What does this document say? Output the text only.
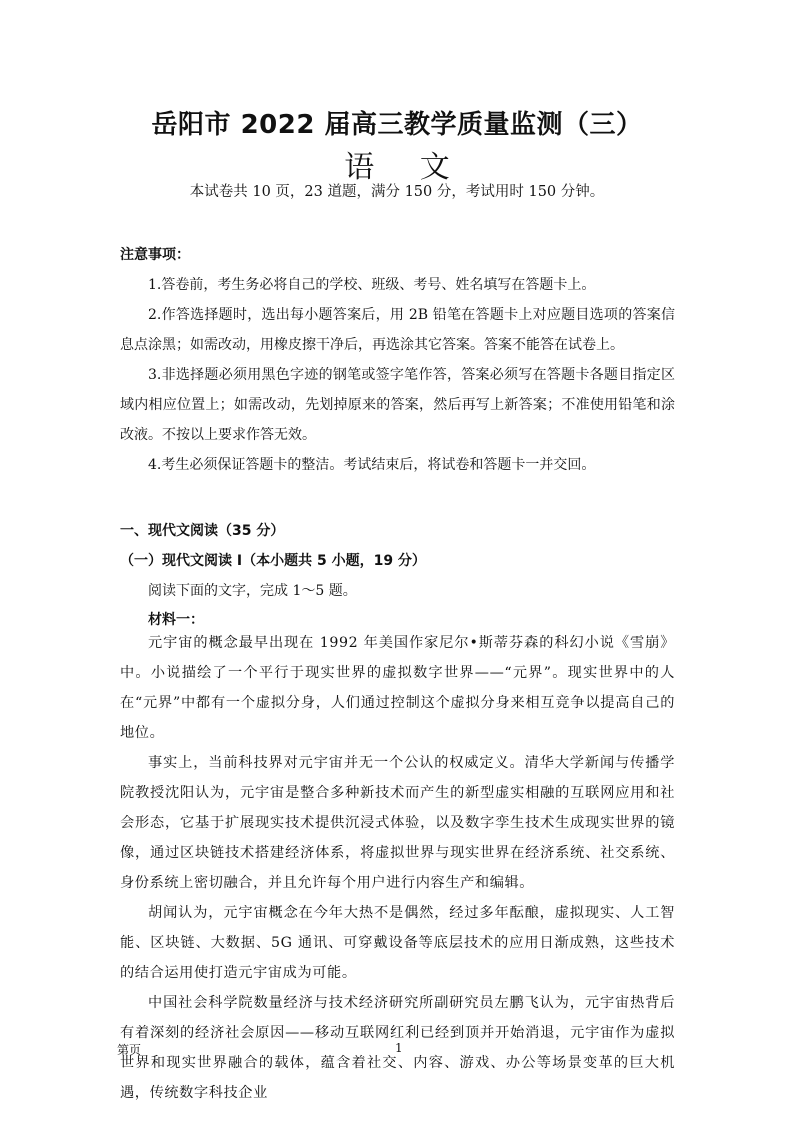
岳阳市 2022 届高三教学质量监测（三）
语 文
本试卷共 10 页，23 道题，满分 150 分，考试用时 150 分钟。
注意事项：

1.答卷前，考生务必将自己的学校、班级、考号、姓名填写在答题卡上。

2.作答选择题时，选出每小题答案后，用 2B 铅笔在答题卡上对应题目选项的答案信息点涂黑；如需改动，用橡皮擦干净后，再选涂其它答案。答案不能答在试卷上。

3.非选择题必须用黑色字迹的钢笔或签字笔作答，答案必须写在答题卡各题目指定区域内相应位置上；如需改动，先划掉原来的答案，然后再写上新答案；不准使用铅笔和涂改液。不按以上要求作答无效。

4.考生必须保证答题卡的整洁。考试结束后，将试卷和答题卡一并交回。

一、现代文阅读（35 分）
（一）现代文阅读 I（本小题共 5 小题，19 分）
阅读下面的文字，完成 1～5 题。
材料一：

元宇宙的概念最早出现在 1992 年美国作家尼尔•斯蒂芬森的科幻小说《雪崩》中。小说描绘了一个平行于现实世界的虚拟数字世界——“元界”。现实世界中的人在“元界”中都有一个虚拟分身，人们通过控制这个虚拟分身来相互竞争以提高自己的地位。

事实上，当前科技界对元宇宙并无一个公认的权威定义。清华大学新闻与传播学院教授沈阳认为，元宇宙是整合多种新技术而产生的新型虚实相融的互联网应用和社会形态，它基于扩展现实技术提供沉浸式体验，以及数字孪生技术生成现实世界的镜像，通过区块链技术搭建经济体系，将虚拟世界与现实世界在经济系统、社交系统、身份系统上密切融合，并且允许每个用户进行内容生产和编辑。

胡闻认为，元宇宙概念在今年大热不是偶然，经过多年酝酿，虚拟现实、人工智能、区块链、大数据、5G 通讯、可穿戴设备等底层技术的应用日渐成熟，这些技术的结合运用使打造元宇宙成为可能。

中国社会科学院数量经济与技术经济研究所副研究员左鹏飞认为，元宇宙热背后有着深刻的经济社会原因——移动互联网红利已经到顶并开始消退，元宇宙作为虚拟世界和现实世界融合的载体，蕴含着社交、内容、游戏、办公等场景变革的巨大机遇，传统数字科技企业

第页	1
